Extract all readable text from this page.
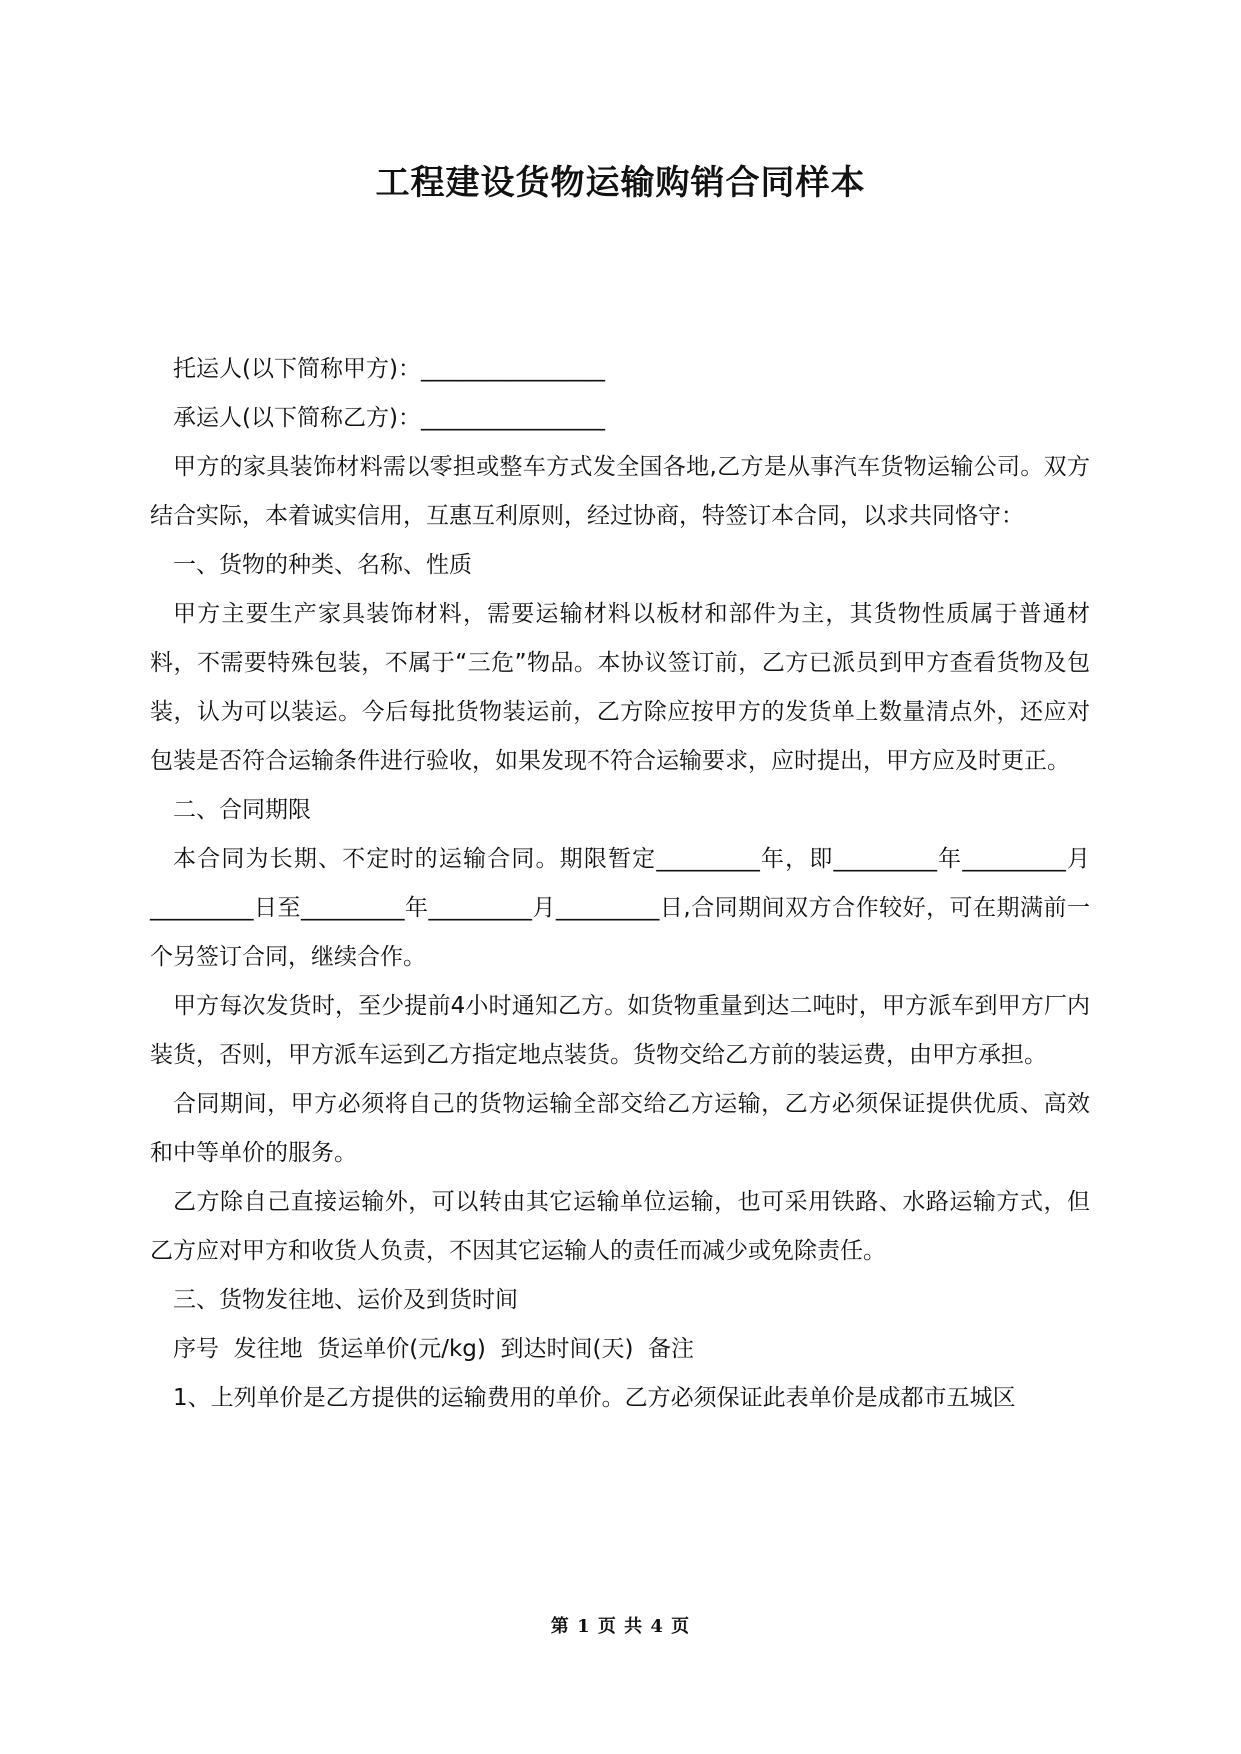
工程建设货物运输购销合同样本

托运人(以下简称甲方)：________________

承运人(以下简称乙方)：________________

甲方的家具装饰材料需以零担或整车方式发全国各地,乙方是从事汽车货物运输公司。双方结合实际，本着诚实信用，互惠互利原则，经过协商，特签订本合同，以求共同恪守：

一、货物的种类、名称、性质

甲方主要生产家具装饰材料，需要运输材料以板材和部件为主，其货物性质属于普通材料，不需要特殊包装，不属于“三危”物品。本协议签订前，乙方已派员到甲方查看货物及包装，认为可以装运。今后每批货物装运前，乙方除应按甲方的发货单上数量清点外，还应对包装是否符合运输条件进行验收，如果发现不符合运输要求，应时提出，甲方应及时更正。

二、合同期限

本合同为长期、不定时的运输合同。期限暂定_________年，即_________年_________月_________日至_________年_________月_________日,合同期间双方合作较好，可在期满前一个另签订合同，继续合作。

甲方每次发货时，至少提前4小时通知乙方。如货物重量到达二吨时，甲方派车到甲方厂内装货，否则，甲方派车运到乙方指定地点装货。货物交给乙方前的装运费，由甲方承担。

合同期间，甲方必须将自己的货物运输全部交给乙方运输，乙方必须保证提供优质、高效和中等单价的服务。

乙方除自己直接运输外，可以转由其它运输单位运输，也可采用铁路、水路运输方式，但乙方应对甲方和收货人负责，不因其它运输人的责任而减少或免除责任。

三、货物发往地、运价及到货时间

序号  发往地  货运单价(元/kg)  到达时间(天)  备注

1、上列单价是乙方提供的运输费用的单价。乙方必须保证此表单价是成都市五城区

第 1 页 共 4 页
